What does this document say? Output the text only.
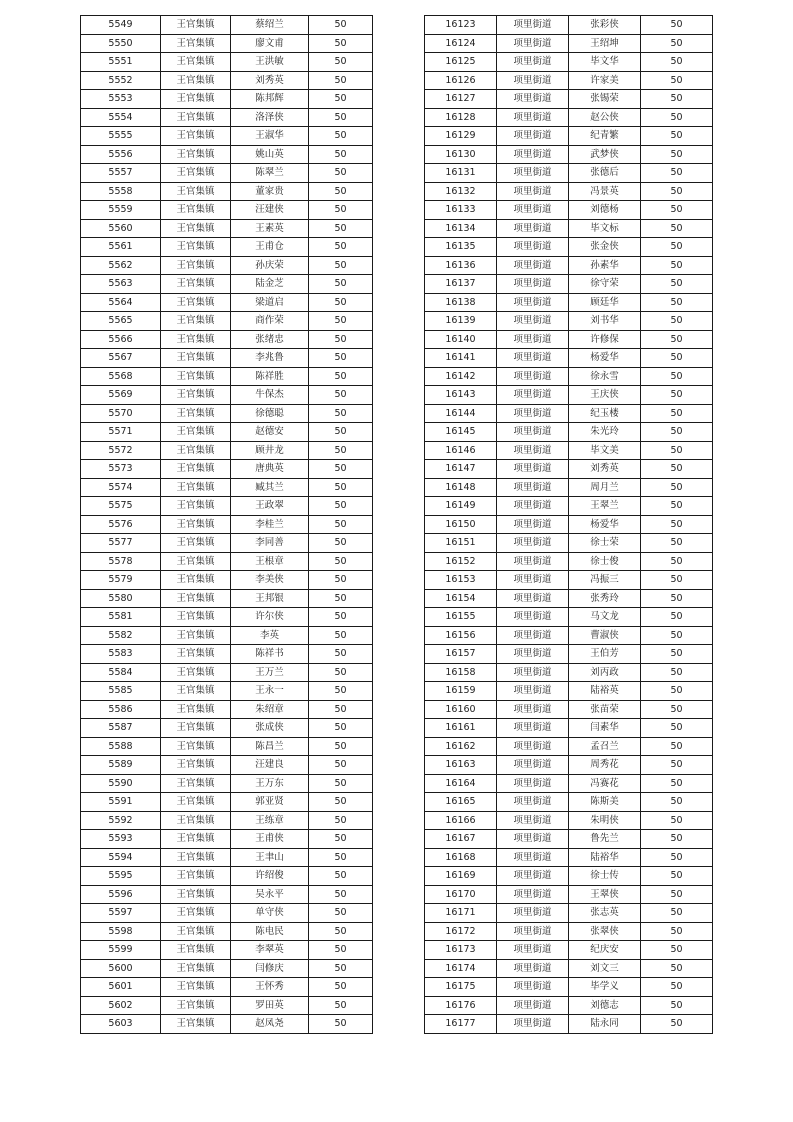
5549	王官集镇	蔡绍兰	50
5550	王官集镇	廖文甫	50
5551	王官集镇	王洪敏	50
5552	王官集镇	刘秀英	50
5553	王官集镇	陈邦辉	50
5554	王官集镇	洛泽侠	50
5555	王官集镇	王淑华	50
5556	王官集镇	姚山英	50
5557	王官集镇	陈翠兰	50
5558	王官集镇	董家贵	50
5559	王官集镇	汪建侠	50
5560	王官集镇	王素英	50
5561	王官集镇	王甫仓	50
5562	王官集镇	孙庆荣	50
5563	王官集镇	陆金芝	50
5564	王官集镇	梁道启	50
5565	王官集镇	商作荣	50
5566	王官集镇	张绪忠	50
5567	王官集镇	李兆鲁	50
5568	王官集镇	陈祥胜	50
5569	王官集镇	牛保杰	50
5570	王官集镇	徐德聪	50
5571	王官集镇	赵德安	50
5572	王官集镇	顾井龙	50
5573	王官集镇	唐典英	50
5574	王官集镇	臧其兰	50
5575	王官集镇	王政翠	50
5576	王官集镇	李桂兰	50
5577	王官集镇	李同善	50
5578	王官集镇	王根章	50
5579	王官集镇	李美侠	50
5580	王官集镇	王邦银	50
5581	王官集镇	许尔侠	50
5582	王官集镇	李英	50
5583	王官集镇	陈祥书	50
5584	王官集镇	王万兰	50
5585	王官集镇	王永一	50
5586	王官集镇	朱绍章	50
5587	王官集镇	张成侠	50
5588	王官集镇	陈昌兰	50
5589	王官集镇	汪建良	50
5590	王官集镇	王万东	50
5591	王官集镇	郭亚贤	50
5592	王官集镇	王练章	50
5593	王官集镇	王甫侠	50
5594	王官集镇	王聿山	50
5595	王官集镇	许绍俊	50
5596	王官集镇	吴永平	50
5597	王官集镇	单守侠	50
5598	王官集镇	陈电民	50
5599	王官集镇	李翠英	50
5600	王官集镇	闫修庆	50
5601	王官集镇	王怀秀	50
5602	王官集镇	罗田英	50
5603	王官集镇	赵凤尧	50
16123	项里街道	张彩侠	50
16124	项里街道	王绍坤	50
16125	项里街道	毕文华	50
16126	项里街道	许家美	50
16127	项里街道	张锡荣	50
16128	项里街道	赵公侠	50
16129	项里街道	纪青繁	50
16130	项里街道	武梦侠	50
16131	项里街道	张德后	50
16132	项里街道	冯景英	50
16133	项里街道	刘德杨	50
16134	项里街道	毕文标	50
16135	项里街道	张金侠	50
16136	项里街道	孙素华	50
16137	项里街道	徐守荣	50
16138	项里街道	顾廷华	50
16139	项里街道	刘书华	50
16140	项里街道	许修保	50
16141	项里街道	杨爱华	50
16142	项里街道	徐永雪	50
16143	项里街道	王庆侠	50
16144	项里街道	纪玉楼	50
16145	项里街道	朱光玲	50
16146	项里街道	毕文美	50
16147	项里街道	刘秀英	50
16148	项里街道	周月兰	50
16149	项里街道	王翠兰	50
16150	项里街道	杨爱华	50
16151	项里街道	徐士荣	50
16152	项里街道	徐士俊	50
16153	项里街道	冯振三	50
16154	项里街道	张秀玲	50
16155	项里街道	马文龙	50
16156	项里街道	曹淑侠	50
16157	项里街道	王伯芳	50
16158	项里街道	刘丙政	50
16159	项里街道	陆裕英	50
16160	项里街道	张苗荣	50
16161	项里街道	闫素华	50
16162	项里街道	孟召兰	50
16163	项里街道	周秀花	50
16164	项里街道	冯赛花	50
16165	项里街道	陈斯美	50
16166	项里街道	朱明侠	50
16167	项里街道	鲁先兰	50
16168	项里街道	陆裕华	50
16169	项里街道	徐士传	50
16170	项里街道	王翠侠	50
16171	项里街道	张志英	50
16172	项里街道	张翠侠	50
16173	项里街道	纪庆安	50
16174	项里街道	刘文三	50
16175	项里街道	毕学义	50
16176	项里街道	刘德志	50
16177	项里街道	陆永同	50
